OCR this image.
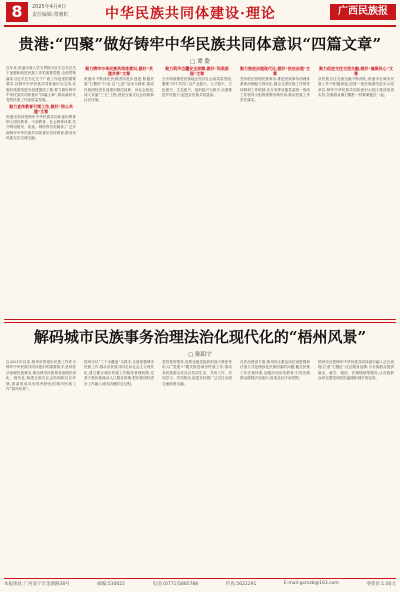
8	2025年4月4日
责任编辑:覃雅虹	中华民族共同体建设·理论	广西民族报
贵港:“四聚”做好铸牢中华民族共同体意识“四篇文章”
▢ 谭 姿
近年来,贵港市深入学习贯彻习近平总书记关于加强和改进民族工作的重要思想,全面贯彻落实习近平总书记关于广西工作论述的重要要求,以铸牢中华民族共同体意识为主线,实施民族团结进步创建提质工程,着力做好铸牢中华民族共同体意识“四篇文章”,推动新时代党的民族工作高质量发展。
聚力宣传教育引领工作,做好“同心共建”文章
贵港市坚持把铸牢中华民族共同体意识教育纳入国民教育、干部教育、社会教育体系,充分利用报刊、电视、网络等各类媒体,广泛开展铸牢中华民族共同体意识宣传教育,推动各民族交往交流交融。
聚力铸牢中华民族共同体意识,做好“共建共享”文章
贵港市不断深化民族团结进步创建,积极开展“石榴籽”行动,以“七进”活动为载体,推动民族团结进步创建向基层延伸、向社会拓展,深入实施“三交”工程,建设互嵌式社会结构和社区环境。
聚力筑牢边疆安全屏障,做好“和美家园”文章
全市持续推进民族地区经济社会高质量发展,聚焦“四个共同”,以产业振兴、人才振兴、文化振兴、生态振兴、组织振兴为抓手,全面推进乡村振兴,促进各民族共同富裕。
聚力推进治理现代化,做好“依法治理”文章
坚持依法管理民族事务,推进民族事务治理体系和治理能力现代化,健全完善民族工作领导体制和工作机制,充分发挥各级党委统一战线工作领导小组的统筹协调作用,推动民族工作责任落实。
聚力促进交往交流交融,做好“凝聚民心”文章
各民族交往交流交融不断深化,贵港市在城市民族工作中积极探索,创建一批民族团结进步示范单位,铸牢中华民族共同体意识示范区建设取得实效,各族群众像石榴籽一样紧紧抱在一起。
解码城市民族事务治理法治化现代化的“梧州风景”
▢ 陈昭宇
自2021年以来,梧州市把城市民族工作作为铸牢中华民族共同体意识的重要抓手,坚持依法治理民族事务,推动城市民族事务治理法治化、现代化,构建互嵌式社会结构和社区环境,探索形成具有梧州特色的城市民族工作“梧州风景”。
梧州市以“三个全覆盖”为抓手,全面加强城市民族工作,推动各民族共同走向社会主义现代化,建立健全城市民族工作服务管理机制,完善少数民族流动人口服务管理,把民族团结进步工作融入城市治理的全过程。
坚持党的领导,发挥各级党组织的战斗堡垒作用,以“党建+”模式推进城市民族工作,推动各民族群众在社区共同生活、共同工作、共同学习、共同娱乐,促进各民族广泛交往全面交流深度交融。
在法治建设方面,梧州市注重运用法治思维和法治方式处理涉及民族因素的问题,健全民族工作法规体系,加强法治宣传教育,引导各族群众增强法治意识,营造良好法治氛围。
梧州市还把铸牢中华民族共同体意识融入社区治理,打造“石榴红”社区服务品牌,为各族群众提供就业、就学、就医、法律援助等服务,让各族群众切实感受到党的温暖和城市的包容。
本报地址:广西南宁市金湖路38号	邮编:530022	电话:(0771)5885788	传真:5622291	E-mail:gxmzb@163.com	零售价:1.00元
